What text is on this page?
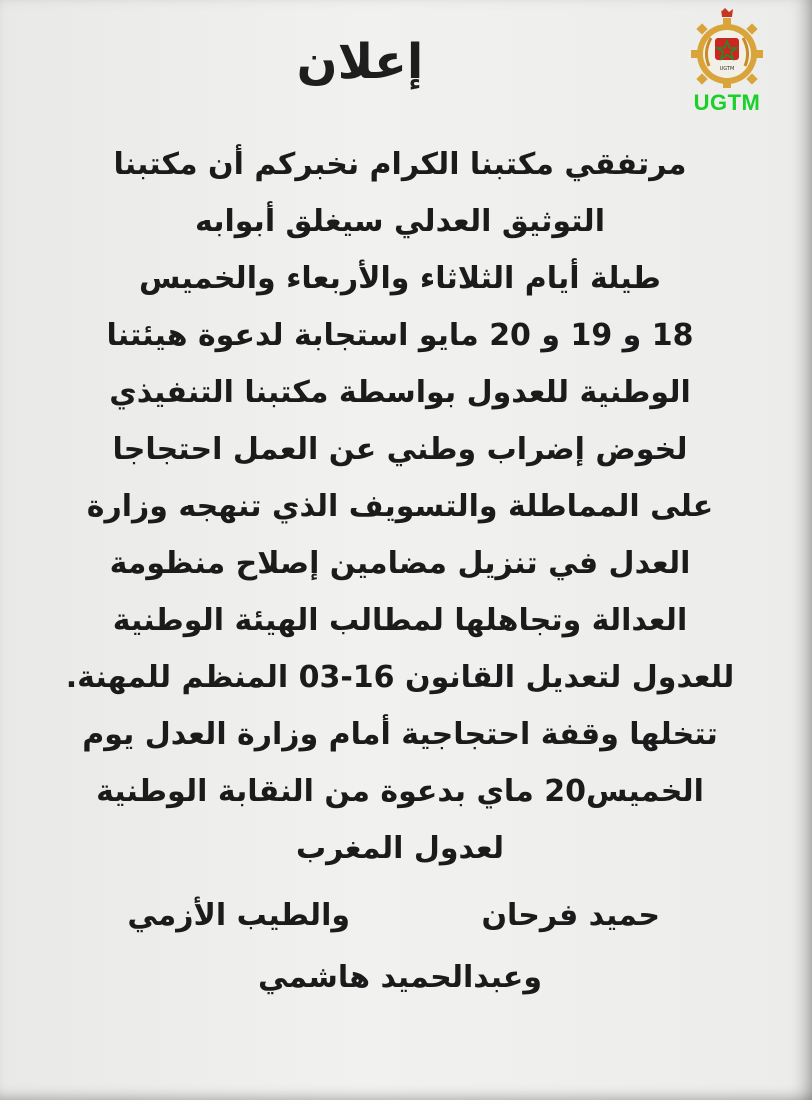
UGTM
UGTM
إعلان
مرتفقي مكتبنا الكرام نخبركم أن مكتبنا
التوثيق العدلي سيغلق أبوابه
طيلة أيام الثلاثاء والأربعاء والخميس
18 و 19 و 20 مايو استجابة لدعوة هيئتنا
الوطنية للعدول بواسطة مكتبنا التنفيذي
لخوض إضراب وطني عن العمل احتجاجا
على المماطلة والتسويف الذي تنهجه وزارة
العدل في تنزيل مضامين إصلاح منظومة
العدالة وتجاهلها لمطالب الهيئة الوطنية
للعدول لتعديل القانون 16-03 المنظم للمهنة.
تتخلها وقفة احتجاجية أمام وزارة العدل يوم
الخميس20 ماي بدعوة من النقابة الوطنية
لعدول المغرب
حميد فرحان
والطيب الأزمي
وعبدالحميد هاشمي
